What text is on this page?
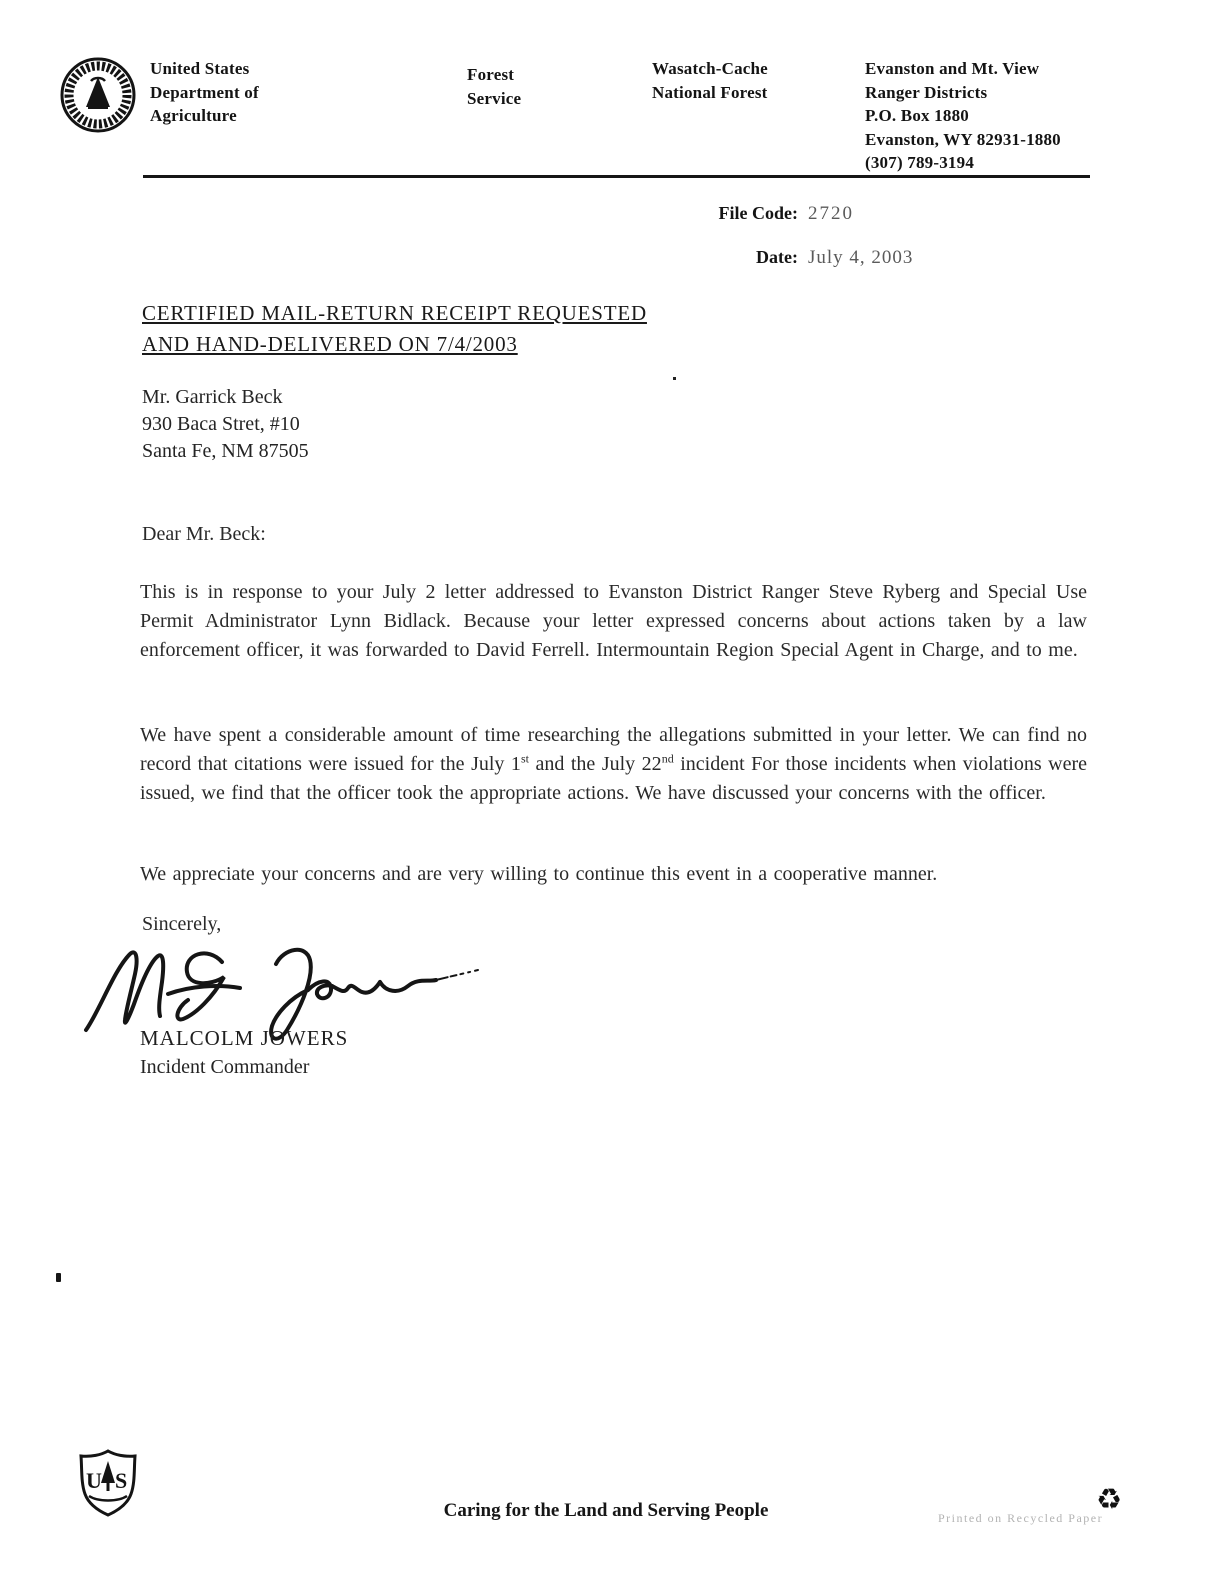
United States
Department of
Agriculture
Forest
Service
Wasatch-Cache
National Forest
Evanston and Mt. View
Ranger Districts
P.O. Box 1880
Evanston, WY 82931-1880
(307) 789-3194
File Code: 2720
Date: July 4, 2003
CERTIFIED MAIL-RETURN RECEIPT REQUESTED
AND HAND-DELIVERED ON 7/4/2003
Mr. Garrick Beck
930 Baca Stret, #10
Santa Fe, NM 87505
Dear Mr. Beck:
This is in response to your July 2 letter addressed to Evanston District Ranger Steve Ryberg and Special Use Permit Administrator Lynn Bidlack. Because your letter expressed concerns about actions taken by a law enforcement officer, it was forwarded to David Ferrell. Intermountain Region Special Agent in Charge, and to me.
We have spent a considerable amount of time researching the allegations submitted in your letter. We can find no record that citations were issued for the July 1st and the July 22nd incident For those incidents when violations were issued, we find that the officer took the appropriate actions. We have discussed your concerns with the officer.
We appreciate your concerns and are very willing to continue this event in a cooperative manner.
Sincerely,
MALCOLM JOWERS
Incident Commander
U S
Caring for the Land and Serving People	Printed on Recycled Paper
♻
